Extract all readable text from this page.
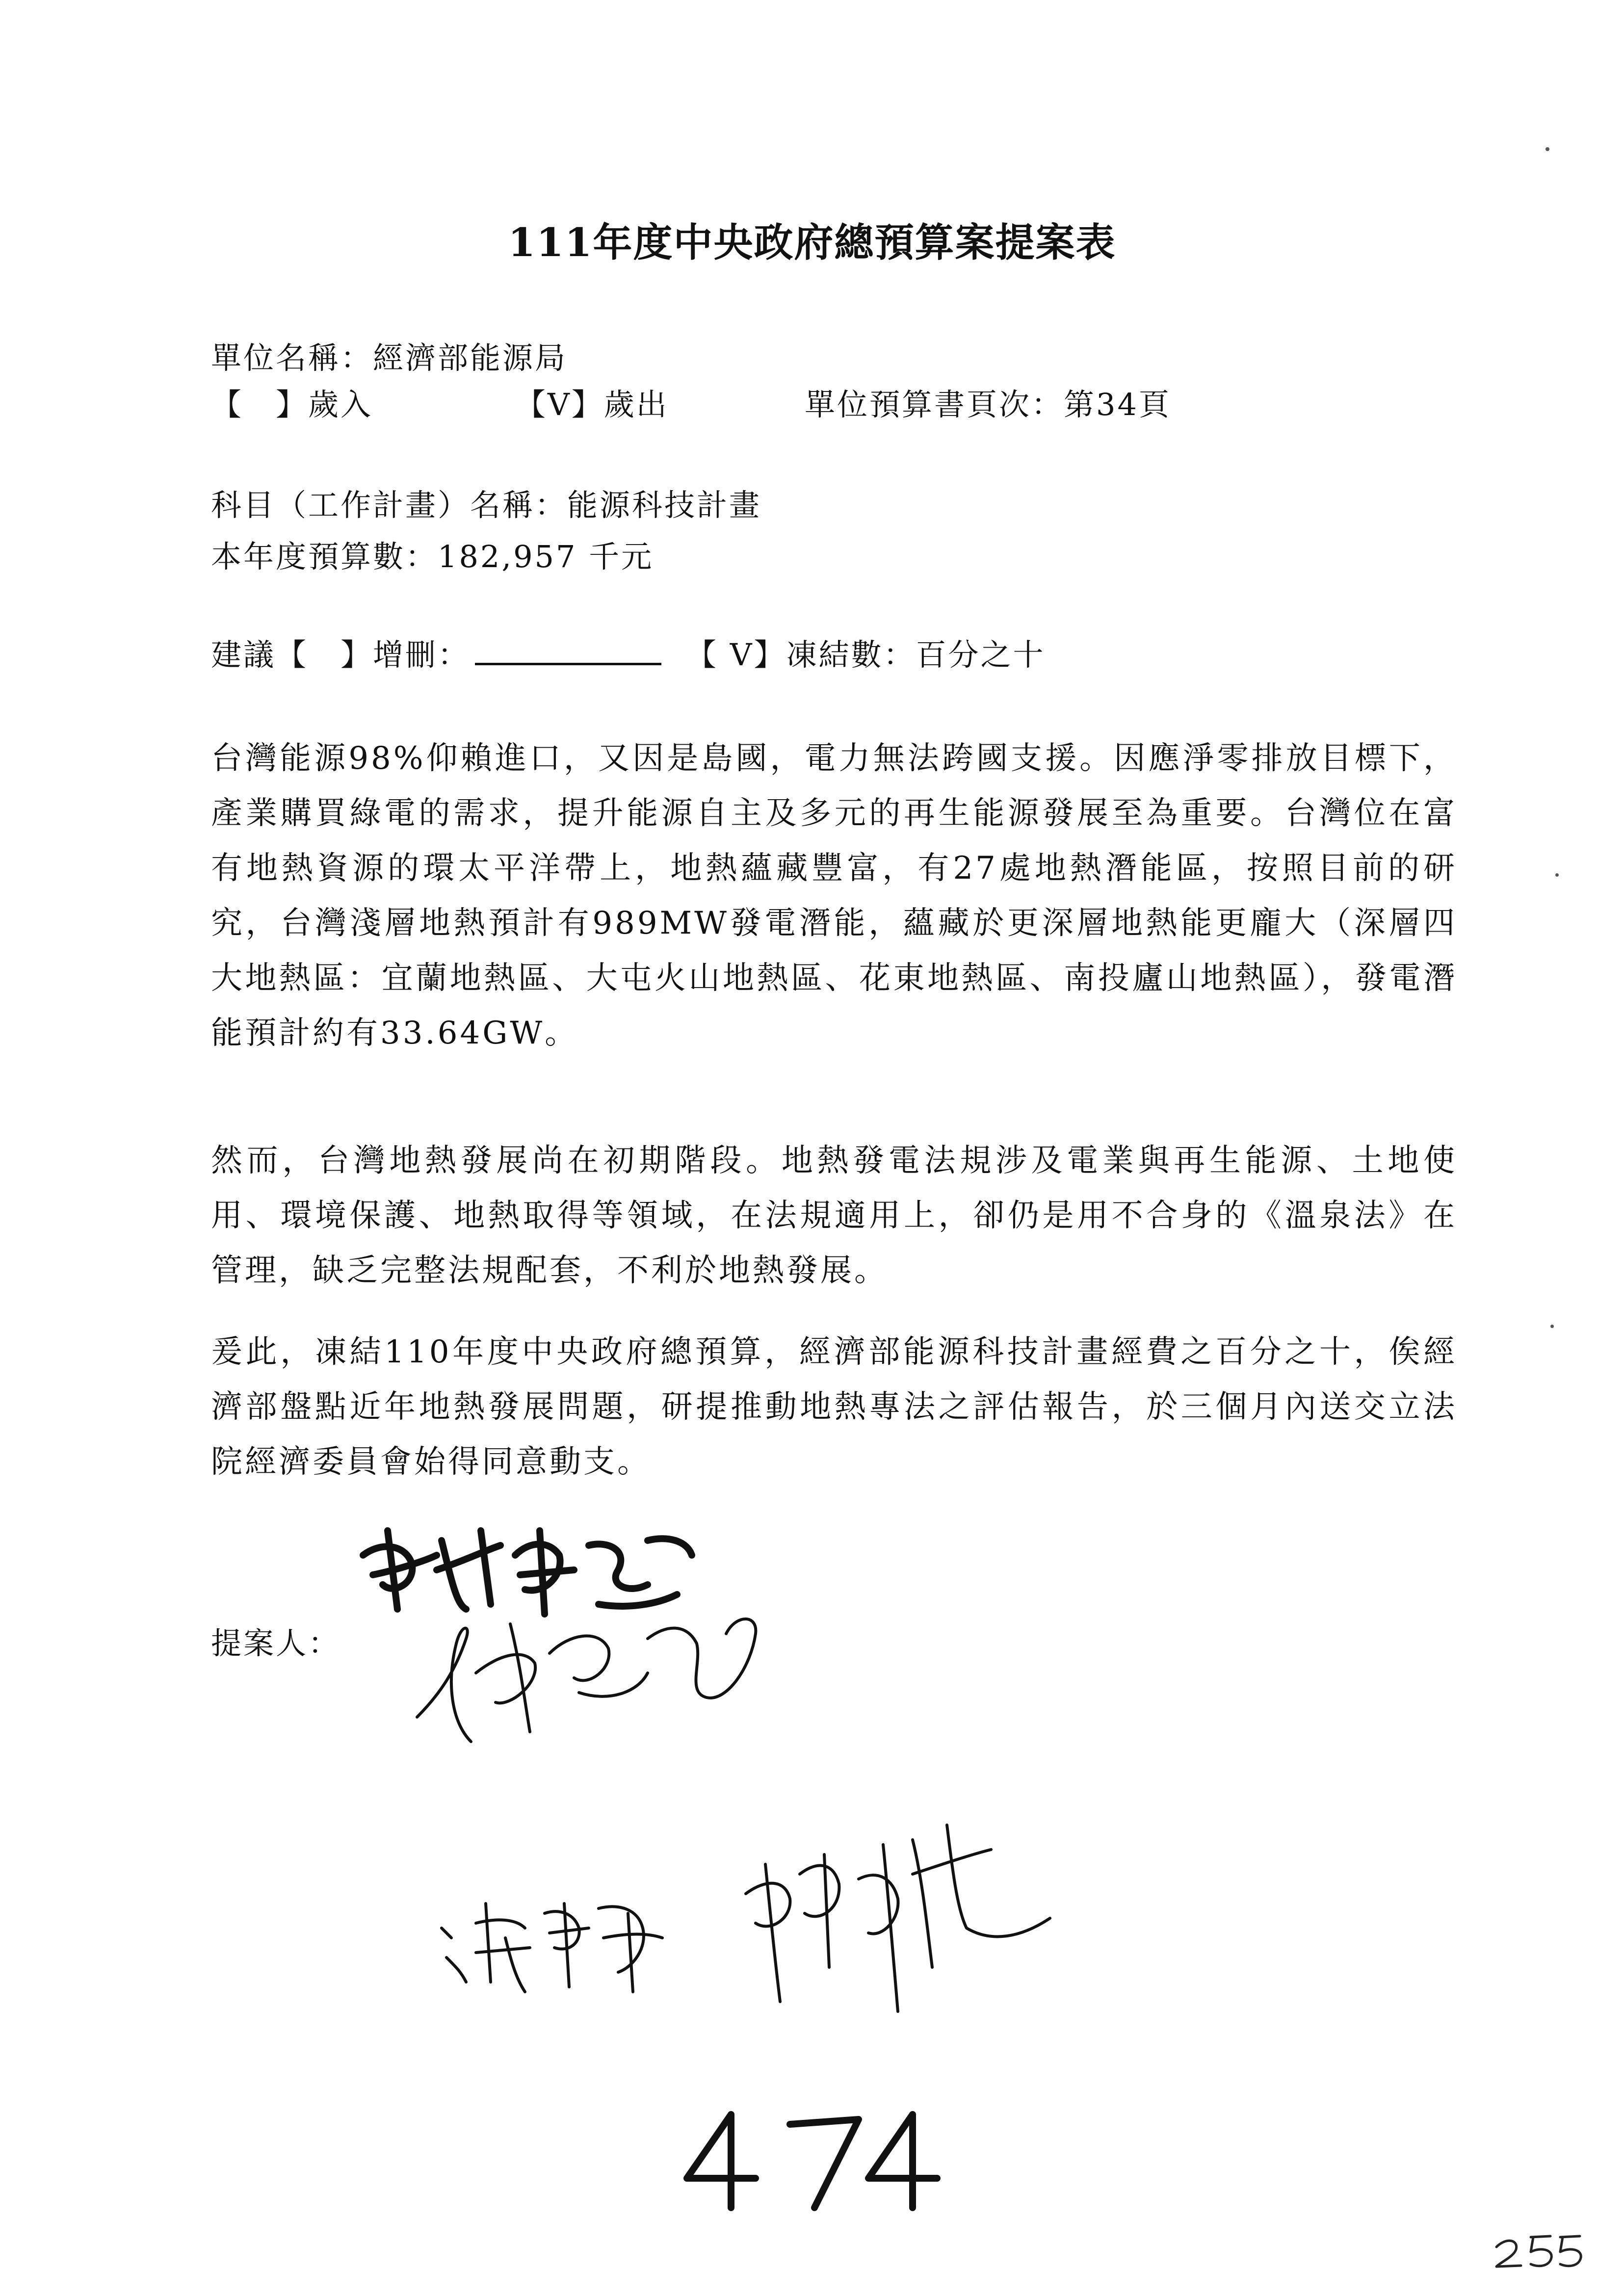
111年度中央政府總預算案提案表
單位名稱：經濟部能源局
【　】歲入	【V】歲出	單位預算書頁次：第34頁
科目（工作計畫）名稱：能源科技計畫
本年度預算數：182,957 千元
建議【　】增刪：	【 V】凍結數：百分之十
台灣能源98%仰賴進口，又因是島國，電力無法跨國支援。因應淨零排放目標下，產業購買綠電的需求，提升能源自主及多元的再生能源發展至為重要。台灣位在富有地熱資源的環太平洋帶上，地熱蘊藏豐富，有27處地熱潛能區，按照目前的研究，台灣淺層地熱預計有989MW發電潛能，蘊藏於更深層地熱能更龐大（深層四大地熱區：宜蘭地熱區、大屯火山地熱區、花東地熱區、南投廬山地熱區），發電潛能預計約有33.64GW。
然而，台灣地熱發展尚在初期階段。地熱發電法規涉及電業與再生能源、土地使用、環境保護、地熱取得等領域，在法規適用上，卻仍是用不合身的《溫泉法》在管理，缺乏完整法規配套，不利於地熱發展。
爰此，凍結110年度中央政府總預算，經濟部能源科技計畫經費之百分之十，俟經濟部盤點近年地熱發展問題，研提推動地熱專法之評估報告，於三個月內送交立法院經濟委員會始得同意動支。
提案人：
